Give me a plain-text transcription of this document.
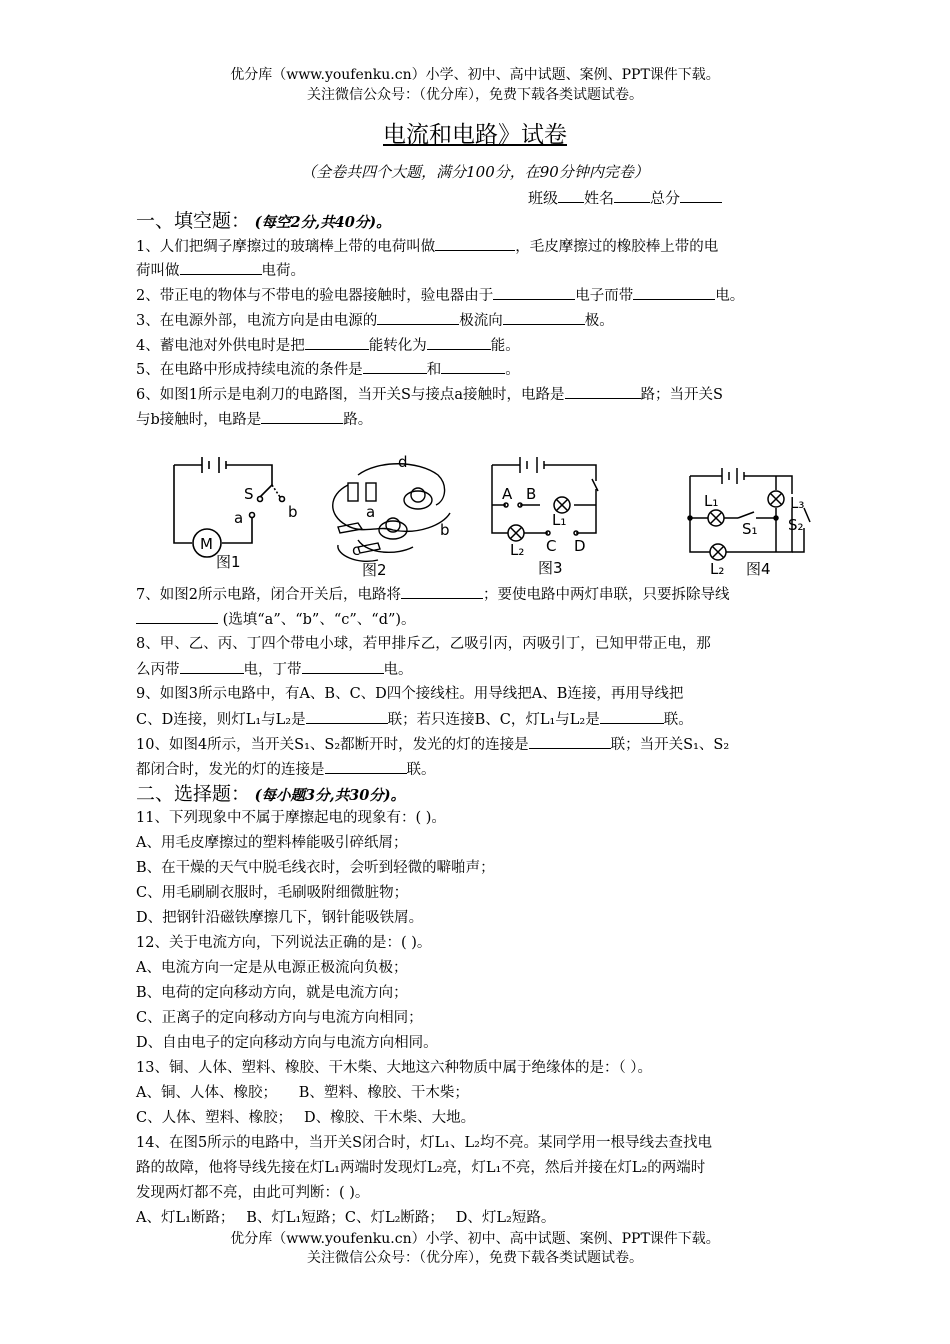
优分库（www.youfenku.cn）小学、初中、高中试题、案例、PPT课件下载。
关注微信公众号：（优分库），免费下载各类试题试卷。
电流和电路》试卷
（全卷共四个大题，满分100分，在90分钟内完卷）
班级 姓名 总分
一、填空题： (每空2分,共40分)。
1、人们把绸子摩擦过的玻璃棒上带的电荷叫做	，毛皮摩擦过的橡胶棒上带的电
荷叫做	电荷。
2、带正电的物体与不带电的验电器接触时，验电器由于	电子而带	电。
3、在电源外部，电流方向是由电源的	极流向	极。
4、蓄电池对外供电时是把	能转化为	能。
5、在电路中形成持续电流的条件是	和	。
6、如图1所示是电刹刀的电路图，当开关S与接点a接触时，电路是	路；当开关S
与b接触时，电路是	路。
M
S
a	b
图1
d
a
b
c
图2
A B
L₁
L₂ C D
图3
L₁	L₃
S₁ S₂
L₂ 图4
7、如图2所示电路，闭合开关后，电路将	；要使电路中两灯串联，只要拆除导线
(选填“a”、“b”、“c”、“d”)。
8、甲、乙、丙、丁四个带电小球，若甲排斥乙，乙吸引丙，丙吸引丁，已知甲带正电，那
么丙带	电，丁带	电。
9、如图3所示电路中，有A、B、C、D四个接线柱。用导线把A、B连接，再用导线把
C、D连接，则灯L₁与L₂是	联；若只连接B、C，灯L₁与L₂是	联。
10、如图4所示，当开关S₁、S₂都断开时，发光的灯的连接是	联；当开关S₁、S₂
都闭合时，发光的灯的连接是	联。
二、选择题： (每小题3分,共30分)。
11、下列现象中不属于摩擦起电的现象有：( )。
A、用毛皮摩擦过的塑料棒能吸引碎纸屑；
B、在干燥的天气中脱毛线衣时，会听到轻微的噼啪声；
C、用毛刷刷衣服时，毛刷吸附细微脏物；
D、把钢针沿磁铁摩擦几下，钢针能吸铁屑。
12、关于电流方向，下列说法正确的是：( )。
A、电流方向一定是从电源正极流向负极；
B、电荷的定向移动方向，就是电流方向；
C、正离子的定向移动方向与电流方向相同；
D、自由电子的定向移动方向与电流方向相同。
13、铜、人体、塑料、橡胶、干木柴、大地这六种物质中属于绝缘体的是：（ ）。
A、铜、人体、橡胶；　　B、塑料、橡胶、干木柴；
C、人体、塑料、橡胶；　 D、橡胶、干木柴、大地。
14、在图5所示的电路中，当开关S闭合时，灯L₁、L₂均不亮。某同学用一根导线去查找电
路的故障，他将导线先接在灯L₁两端时发现灯L₂亮，灯L₁不亮，然后并接在灯L₂的两端时
发现两灯都不亮，由此可判断：( )。
A、灯L₁断路；　 B、灯L₁短路；C、灯L₂断路；　 D、灯L₂短路。
优分库（www.youfenku.cn）小学、初中、高中试题、案例、PPT课件下载。
关注微信公众号：（优分库），免费下载各类试题试卷。
